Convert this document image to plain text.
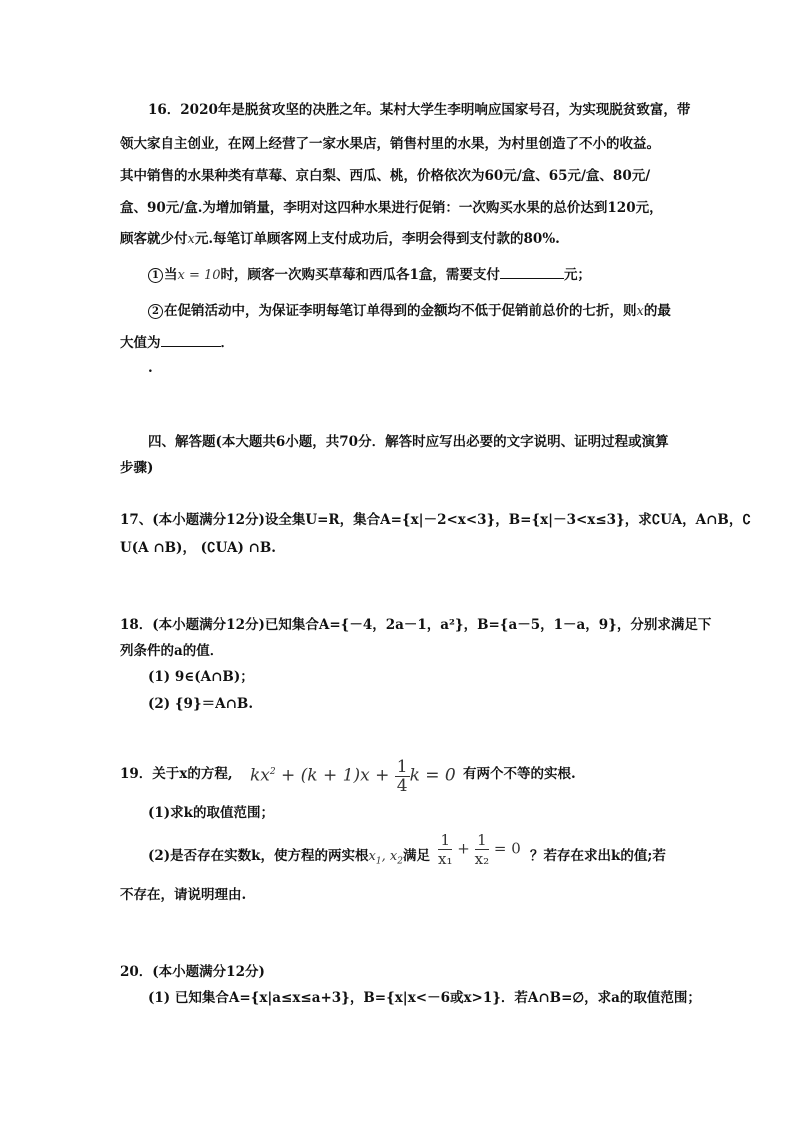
16．2020年是脱贫攻坚的决胜之年。某村大学生李明响应国家号召，为实现脱贫致富，带
领大家自主创业，在网上经营了一家水果店，销售村里的水果，为村里创造了不小的收益。
其中销售的水果种类有草莓、京白梨、西瓜、桃，价格依次为60元/盒、65元/盒、80元/
盒、90元/盒.为增加销量，李明对这四种水果进行促销：一次购买水果的总价达到120元，
顾客就少付x元.每笔订单顾客网上支付成功后，李明会得到支付款的80%.
1 当x = 10时，顾客一次购买草莓和西瓜各1盒，需要支付	元；
2 在促销活动中，为保证李明每笔订单得到的金额均不低于促销前总价的七折，则x的最
大值为	．
.
四、解答题(本大题共6小题，共70分．解答时应写出必要的文字说明、证明过程或演算
步骤)
17、(本小题满分12分)设全集U=R，集合A={x|－2<x<3}，B={x|－3<x≤3}，求∁UA，A∩B，∁
U(A ∩B)， (∁UA) ∩B.
18．(本小题满分12分)已知集合A={－4，2a－1，a²}，B={a－5，1－a，9}，分别求满足下
列条件的a的值．
(1) 9∈(A∩B)；
(2) {9}＝A∩B.
19．关于x的方程, $kx^2 + (k + 1)x + \frac{1}{4}$ k = 0 有两个不等的实根.
(1)求k的取值范围；
(2)是否存在实数k，使方程的两实根$x_1$, $x_2$满足 $\frac{1}{\text{x₁}} + \frac{1}{\text{x₂}} = 0$ ？若存在求出k的值;若
不存在，请说明理由.
20．(本小题满分12分)
(1) 已知集合A={x|a≤x≤a+3}，B={x|x<－6或x>1}．若A∩B=∅，求a的取值范围；
